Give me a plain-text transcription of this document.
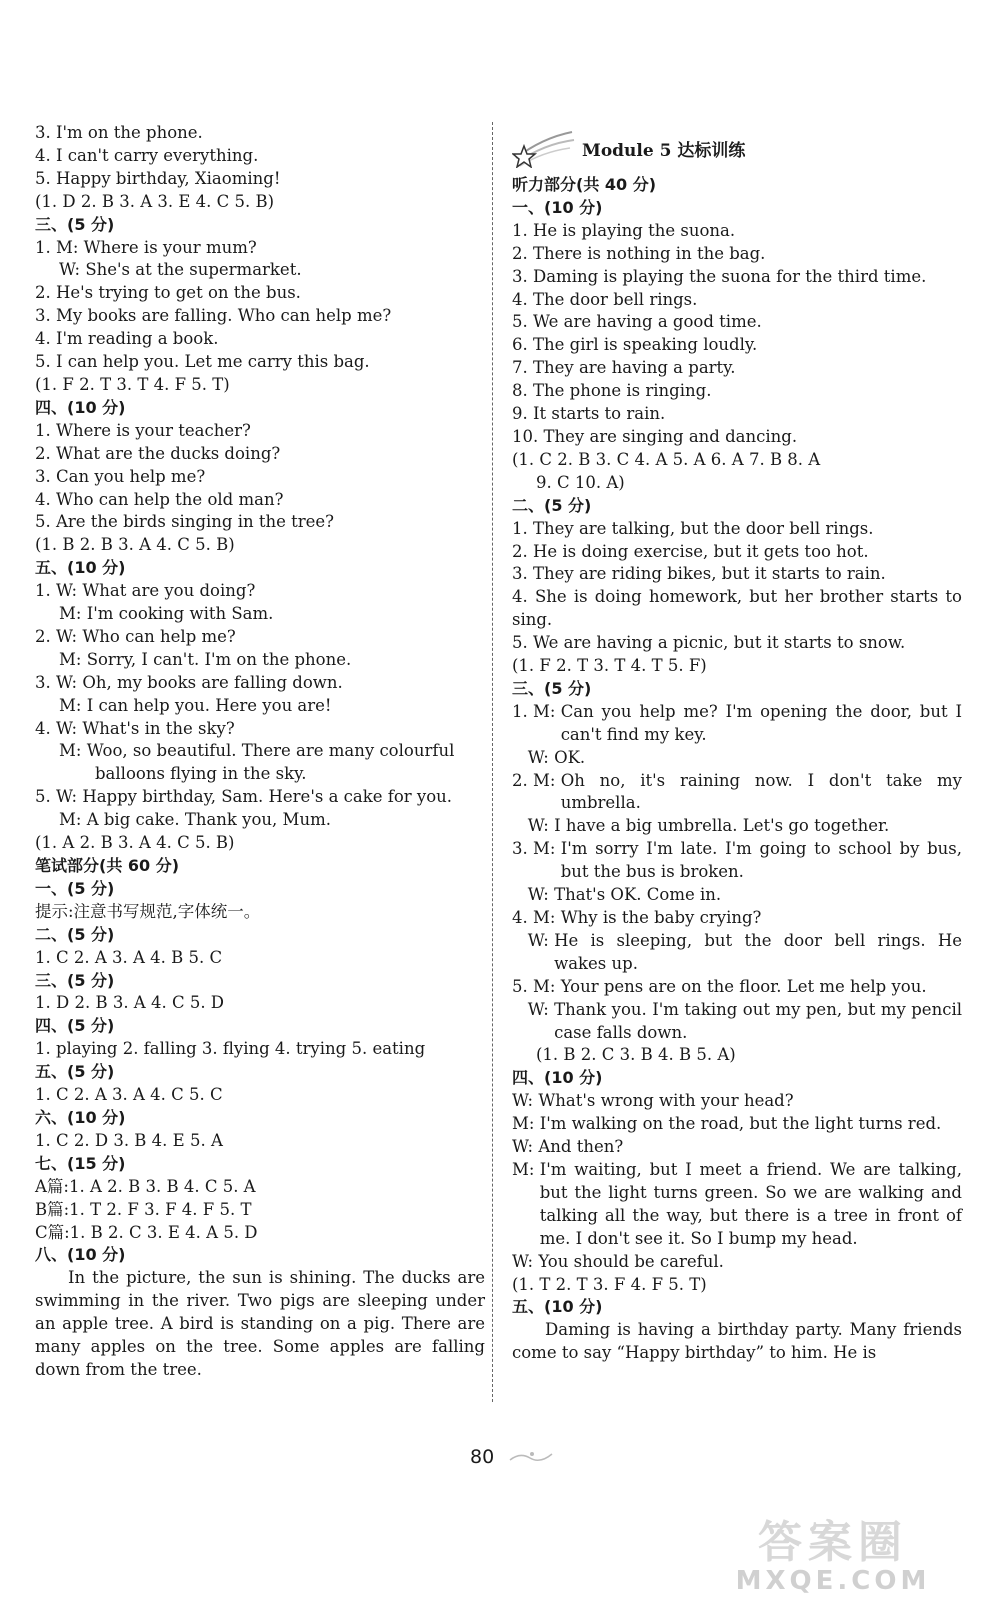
3. I'm on the phone.
4. I can't carry everything.
5. Happy birthday, Xiaoming!
(1. D 2. B 3. A 3. E 4. C 5. B)
三、(5 分)
1. M: Where is your mum?
W: She's at the supermarket.
2. He's trying to get on the bus.
3. My books are falling. Who can help me?
4. I'm reading a book.
5. I can help you. Let me carry this bag.
(1. F 2. T 3. T 4. F 5. T)
四、(10 分)
1. Where is your teacher?
2. What are the ducks doing?
3. Can you help me?
4. Who can help the old man?
5. Are the birds singing in the tree?
(1. B 2. B 3. A 4. C 5. B)
五、(10 分)
1. W: What are you doing?
M: I'm cooking with Sam.
2. W: Who can help me?
M: Sorry, I can't. I'm on the phone.
3. W: Oh, my books are falling down.
M: I can help you. Here you are!
4. W: What's in the sky?
M: Woo, so beautiful. There are many colourful
balloons flying in the sky.
5. W: Happy birthday, Sam. Here's a cake for you.
M: A big cake. Thank you, Mum.
(1. A 2. B 3. A 4. C 5. B)
笔试部分(共 60 分)
一、(5 分)
提示:注意书写规范,字体统一。
二、(5 分)
1. C 2. A 3. A 4. B 5. C
三、(5 分)
1. D 2. B 3. A 4. C 5. D
四、(5 分)
1. playing 2. falling 3. flying 4. trying 5. eating
五、(5 分)
1. C 2. A 3. A 4. C 5. C
六、(10 分)
1. C 2. D 3. B 4. E 5. A
七、(15 分)
A篇:1. A 2. B 3. B 4. C 5. A
B篇:1. T 2. F 3. F 4. F 5. T
C篇:1. B 2. C 3. E 4. A 5. D
八、(10 分)
In the picture, the sun is shining. The ducks are swimming in the river. Two pigs are sleeping under an apple tree. A bird is standing on a pig. There are many apples on the tree. Some apples are falling down from the tree.
Module 5 达标训练
听力部分(共 40 分)
一、(10 分)
1. He is playing the suona.
2. There is nothing in the bag.
3. Daming is playing the suona for the third time.
4. The door bell rings.
5. We are having a good time.
6. The girl is speaking loudly.
7. They are having a party.
8. The phone is ringing.
9. It starts to rain.
10. They are singing and dancing.
(1. C 2. B 3. C 4. A 5. A 6. A 7. B 8. A
9. C 10. A)
二、(5 分)
1. They are talking, but the door bell rings.
2. He is doing exercise, but it gets too hot.
3. They are riding bikes, but it starts to rain.
4. She is doing homework, but her brother starts to sing.
5. We are having a picnic, but it starts to snow.
(1. F 2. T 3. T 4. T 5. F)
三、(5 分)
1. M: Can you help me? I'm opening the door, but I can't find my key.
W: OK.
2. M: Oh no, it's raining now. I don't take my umbrella.
W: I have a big umbrella. Let's go together.
3. M: I'm sorry I'm late. I'm going to school by bus, but the bus is broken.
W: That's OK. Come in.
4. M: Why is the baby crying?
W: He is sleeping, but the door bell rings. He wakes up.
5. M: Your pens are on the floor. Let me help you.
W: Thank you. I'm taking out my pen, but my pencil case falls down.
(1. B 2. C 3. B 4. B 5. A)
四、(10 分)
W: What's wrong with your head?
M: I'm walking on the road, but the light turns red.
W: And then?
M: I'm waiting, but I meet a friend. We are talking, but the light turns green. So we are walking and talking all the way, but there is a tree in front of me. I don't see it. So I bump my head.
W: You should be careful.
(1. T 2. T 3. F 4. F 5. T)
五、(10 分)
Daming is having a birthday party. Many friends come to say “Happy birthday” to him. He is
80
答案圈
MXQE.COM
